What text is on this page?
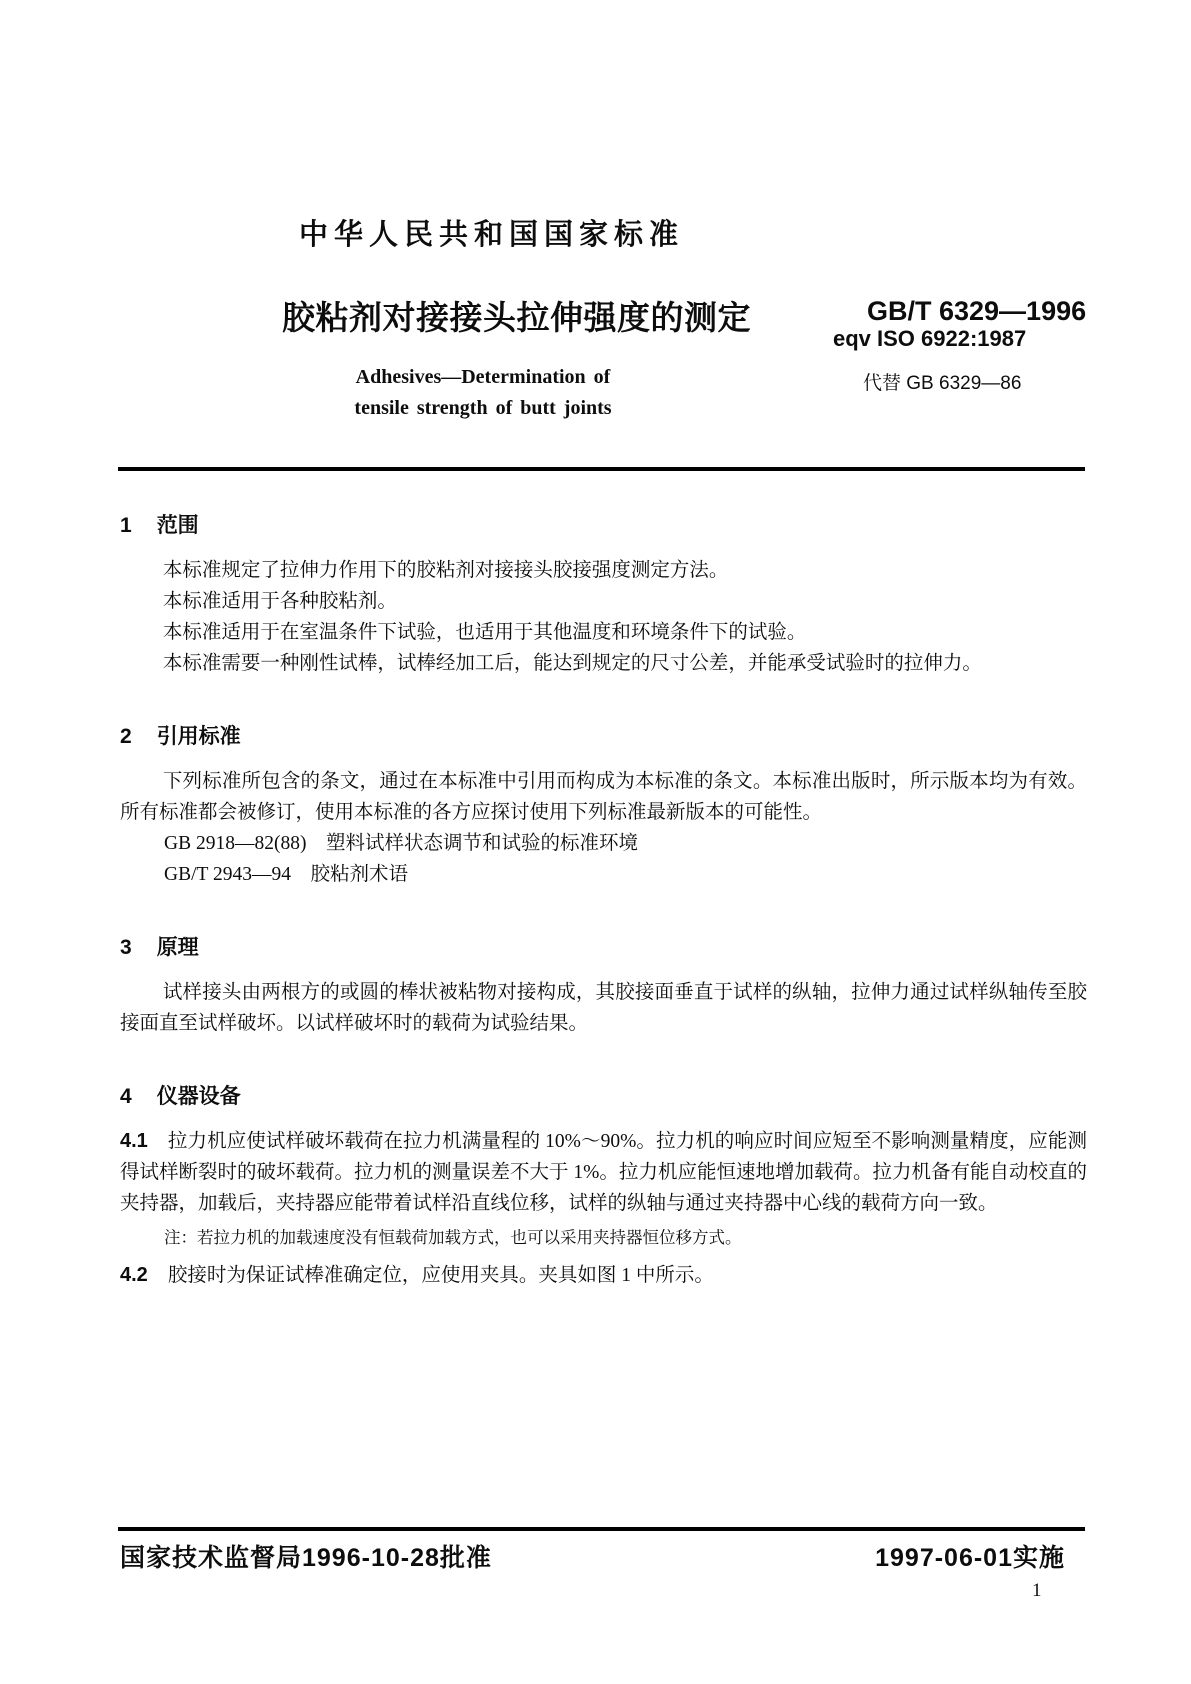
中华人民共和国国家标准
胶粘剂对接接头拉伸强度的测定	GB/T 6329—1996
eqv ISO 6922:1987
代替 GB 6329—86
Adhesives—Determination of
tensile strength of butt joints
1 范围

本标准规定了拉伸力作用下的胶粘剂对接接头胶接强度测定方法。

本标准适用于各种胶粘剂。

本标准适用于在室温条件下试验，也适用于其他温度和环境条件下的试验。

本标准需要一种刚性试棒，试棒经加工后，能达到规定的尺寸公差，并能承受试验时的拉伸力。

2 引用标准

下列标准所包含的条文，通过在本标准中引用而构成为本标准的条文。本标准出版时，所示版本均为有效。所有标准都会被修订，使用本标准的各方应探讨使用下列标准最新版本的可能性。

GB 2918—82(88)　塑料试样状态调节和试验的标准环境

GB/T 2943—94　胶粘剂术语

3 原理

试样接头由两根方的或圆的棒状被粘物对接构成，其胶接面垂直于试样的纵轴，拉伸力通过试样纵轴传至胶接面直至试样破坏。以试样破坏时的载荷为试验结果。

4 仪器设备

4.1 拉力机应使试样破坏载荷在拉力机满量程的 10%～90%。拉力机的响应时间应短至不影响测量精度，应能测得试样断裂时的破坏载荷。拉力机的测量误差不大于 1%。拉力机应能恒速地增加载荷。拉力机备有能自动校直的夹持器，加载后，夹持器应能带着试样沿直线位移，试样的纵轴与通过夹持器中心线的载荷方向一致。

注：若拉力机的加载速度没有恒载荷加载方式，也可以采用夹持器恒位移方式。

4.2 胶接时为保证试棒准确定位，应使用夹具。夹具如图 1 中所示。

国家技术监督局1996-10-28批准	1997-06-01实施
1
